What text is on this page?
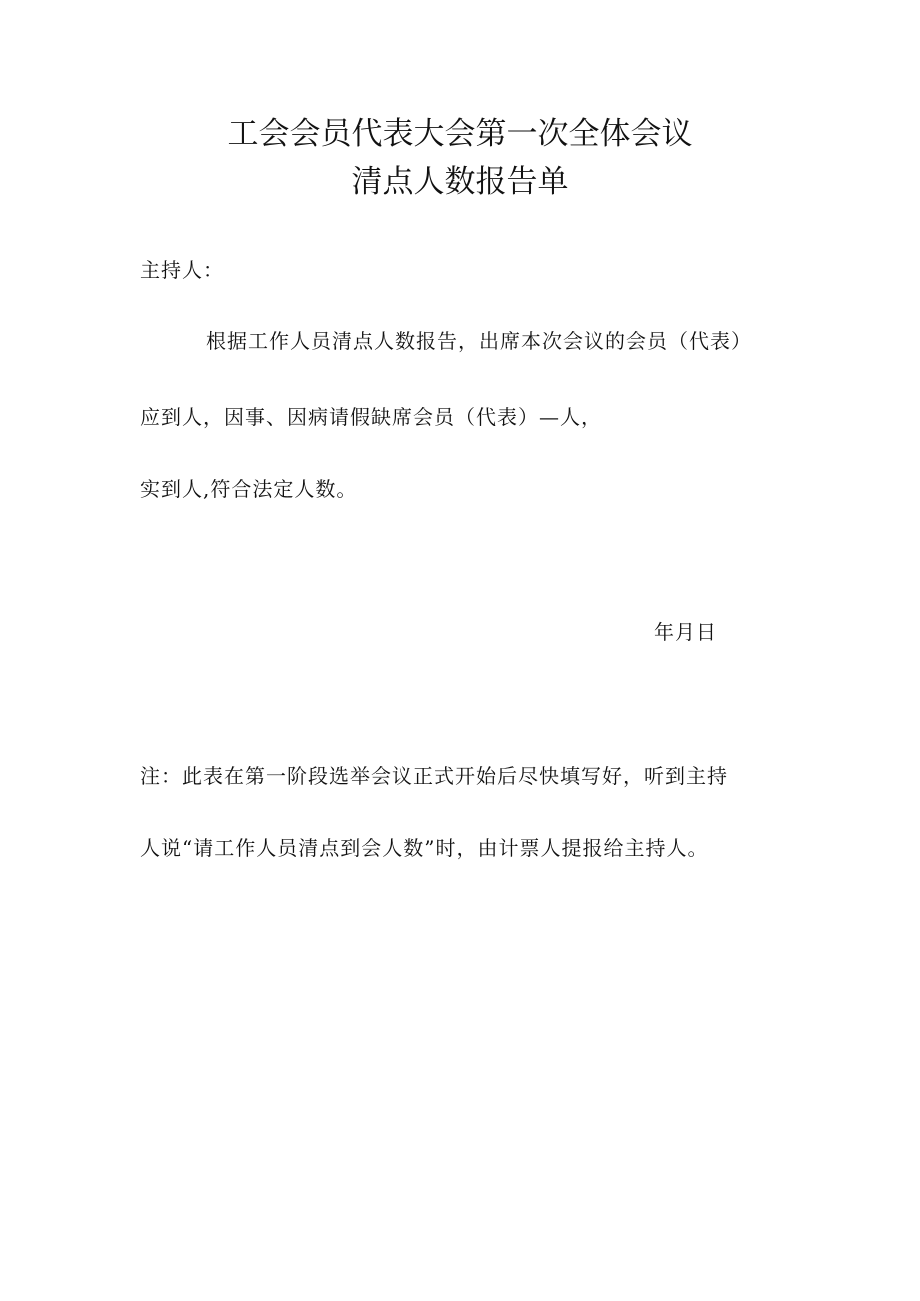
工会会员代表大会第一次全体会议
清点人数报告单
主持人：
根据工作人员清点人数报告，出席本次会议的会员（代表）
应到人，因事、因病请假缺席会员（代表）—人，
实到人,符合法定人数。
年月日
注：此表在第一阶段选举会议正式开始后尽快填写好，听到主持
人说“请工作人员清点到会人数”时，由计票人提报给主持人。
